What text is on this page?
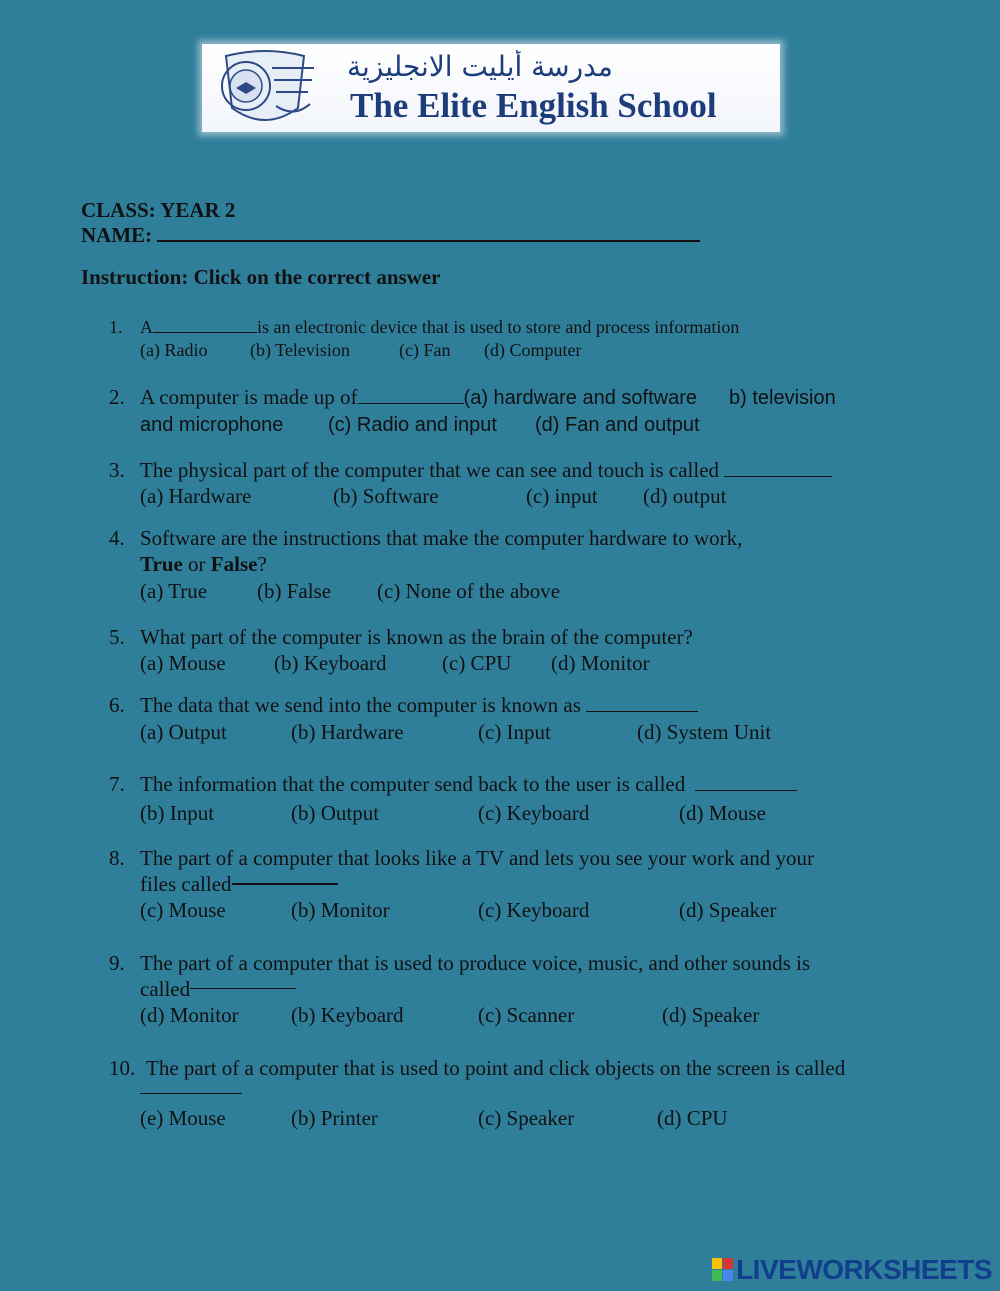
مدرسة أيليت الانجليزية
The Elite English School
CLASS: YEAR 2
NAME:
Instruction: Click on the correct answer
1. A	is an electronic device that is used to store and process information
(a) Radio (b) Television	(c) Fan (d) Computer
2. A computer is made up of	(a) hardware and software b) television
and microphone (c) Radio and input (d) Fan and output
3. The physical part of the computer that we can see and touch is called
(a) Hardware	(b) Software	(c) input (d) output
4. Software are the instructions that make the computer hardware to work,
True or False?
(a) True (b) False (c) None of the above
5. What part of the computer is known as the brain of the computer?
(a) Mouse (b) Keyboard	(c) CPU (d) Monitor
6. The data that we send into the computer is known as
(a) Output	(b) Hardware	(c) Input	(d) System Unit
7. The information that the computer send back to the user is called
(b) Input	(b) Output	(c) Keyboard	(d) Mouse
8. The part of a computer that looks like a TV and lets you see your work and your
files called
(c) Mouse	(b) Monitor	(c) Keyboard	(d) Speaker
9. The part of a computer that is used to produce voice, music, and other sounds is
called
(d) Monitor (b) Keyboard	(c) Scanner	(d) Speaker
10. The part of a computer that is used to point and click objects on the screen is called
(e) Mouse	(b) Printer	(c) Speaker	(d) CPU
LIVEWORKSHEETS
